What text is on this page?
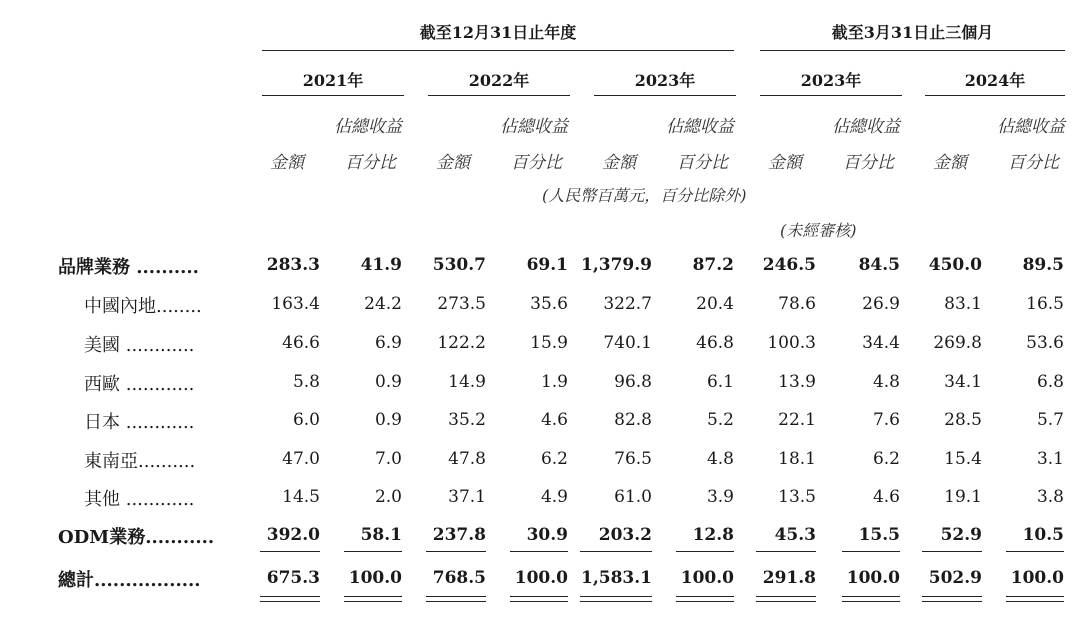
截至12月31日止年度	截至3月31日止三個月
2021年	2022年	2023年	2023年	2024年
佔總收益
金額 百分比
佔總收益
金額 百分比
佔總收益
金額 百分比
佔總收益
金額 百分比
佔總收益
金額 百分比
(人民幣百萬元，百分比除外)
(未經審核)
品牌業務 ..........	283.3	41.9	530.7	69.1 1,379.9	87.2	246.5	84.5	450.0	89.5
中國內地........	163.4	24.2	273.5	35.6	322.7	20.4	78.6	26.9	83.1	16.5
美國 ............	46.6	6.9	122.2	15.9	740.1	46.8	100.3	34.4	269.8	53.6
西歐 ............	5.8	0.9	14.9	1.9	96.8	6.1	13.9	4.8	34.1	6.8
日本 ............	6.0	0.9	35.2	4.6	82.8	5.2	22.1	7.6	28.5	5.7
東南亞..........	47.0	7.0	47.8	6.2	76.5	4.8	18.1	6.2	15.4	3.1
其他 ............	14.5	2.0	37.1	4.9	61.0	3.9	13.5	4.6	19.1	3.8
ODM業務...........	392.0	58.1	237.8	30.9	203.2	12.8	45.3	15.5	52.9	10.5
總計.................	675.3 100.0	768.5 100.0 1,583.1 100.0	291.8 100.0	502.9 100.0
